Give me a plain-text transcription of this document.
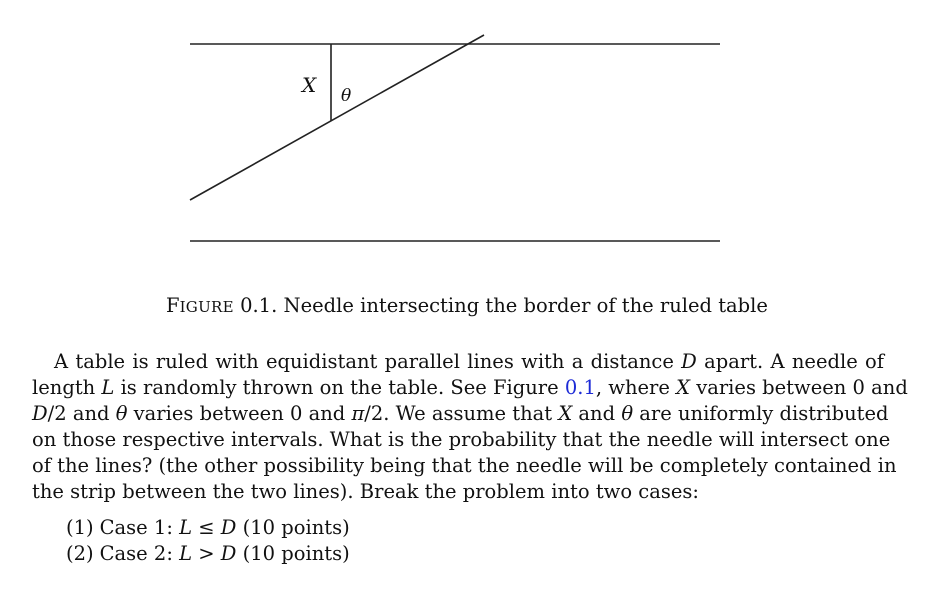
X θ
FIGURE 0.1. Needle intersecting the border of the ruled table
A table is ruled with equidistant parallel lines with a distance D apart. A needle of
length L is randomly thrown on the table. See Figure 0.1, where X varies between 0 and
D/2 and θ varies between 0 and π/2. We assume that X and θ are uniformly distributed
on those respective intervals. What is the probability that the needle will intersect one
of the lines? (the other possibility being that the needle will be completely contained in
the strip between the two lines). Break the problem into two cases:
(1) Case 1: L ≤ D (10 points)
(2) Case 2: L > D (10 points)
